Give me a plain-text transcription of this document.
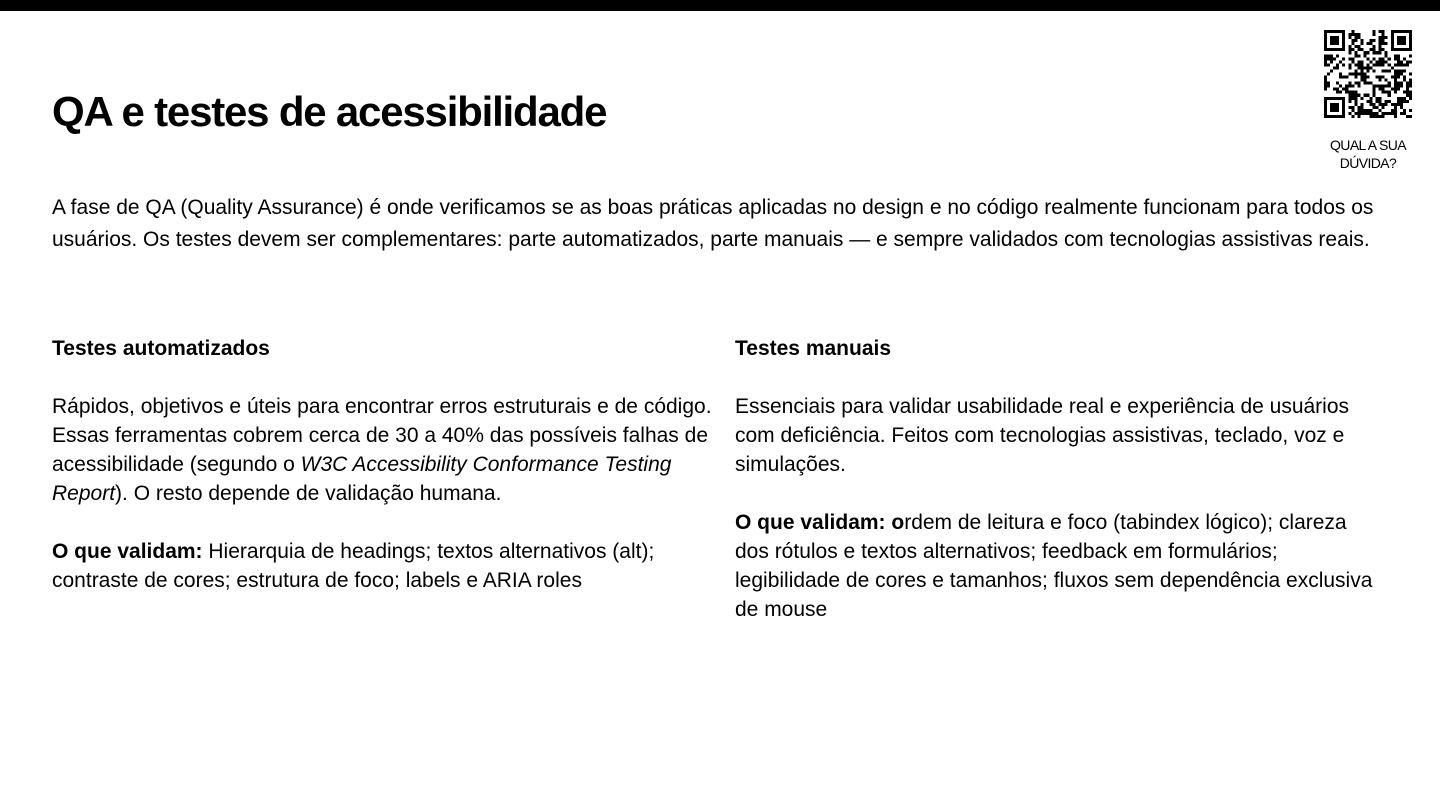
QA e testes de acessibilidade
QUAL A SUA
DÚVIDA?

A fase de QA (Quality Assurance) é onde verificamos se as boas práticas aplicadas no design e no código realmente funcionam para todos os usuários. Os testes devem ser complementares: parte automatizados, parte manuais — e sempre validados com tecnologias assistivas reais.

Testes automatizados

Rápidos, objetivos e úteis para encontrar erros estruturais e de código. Essas ferramentas cobrem cerca de 30 a 40% das possíveis falhas de acessibilidade (segundo o W3C Accessibility Conformance Testing Report). O resto depende de validação humana.

O que validam: Hierarquia de headings; textos alternativos (alt); contraste de cores; estrutura de foco; labels e ARIA roles

Testes manuais

Essenciais para validar usabilidade real e experiência de usuários com deficiência. Feitos com tecnologias assistivas, teclado, voz e simulações.

O que validam: ordem de leitura e foco (tabindex lógico); clareza dos rótulos e textos alternativos; feedback em formulários; legibilidade de cores e tamanhos; fluxos sem dependência exclusiva de mouse
